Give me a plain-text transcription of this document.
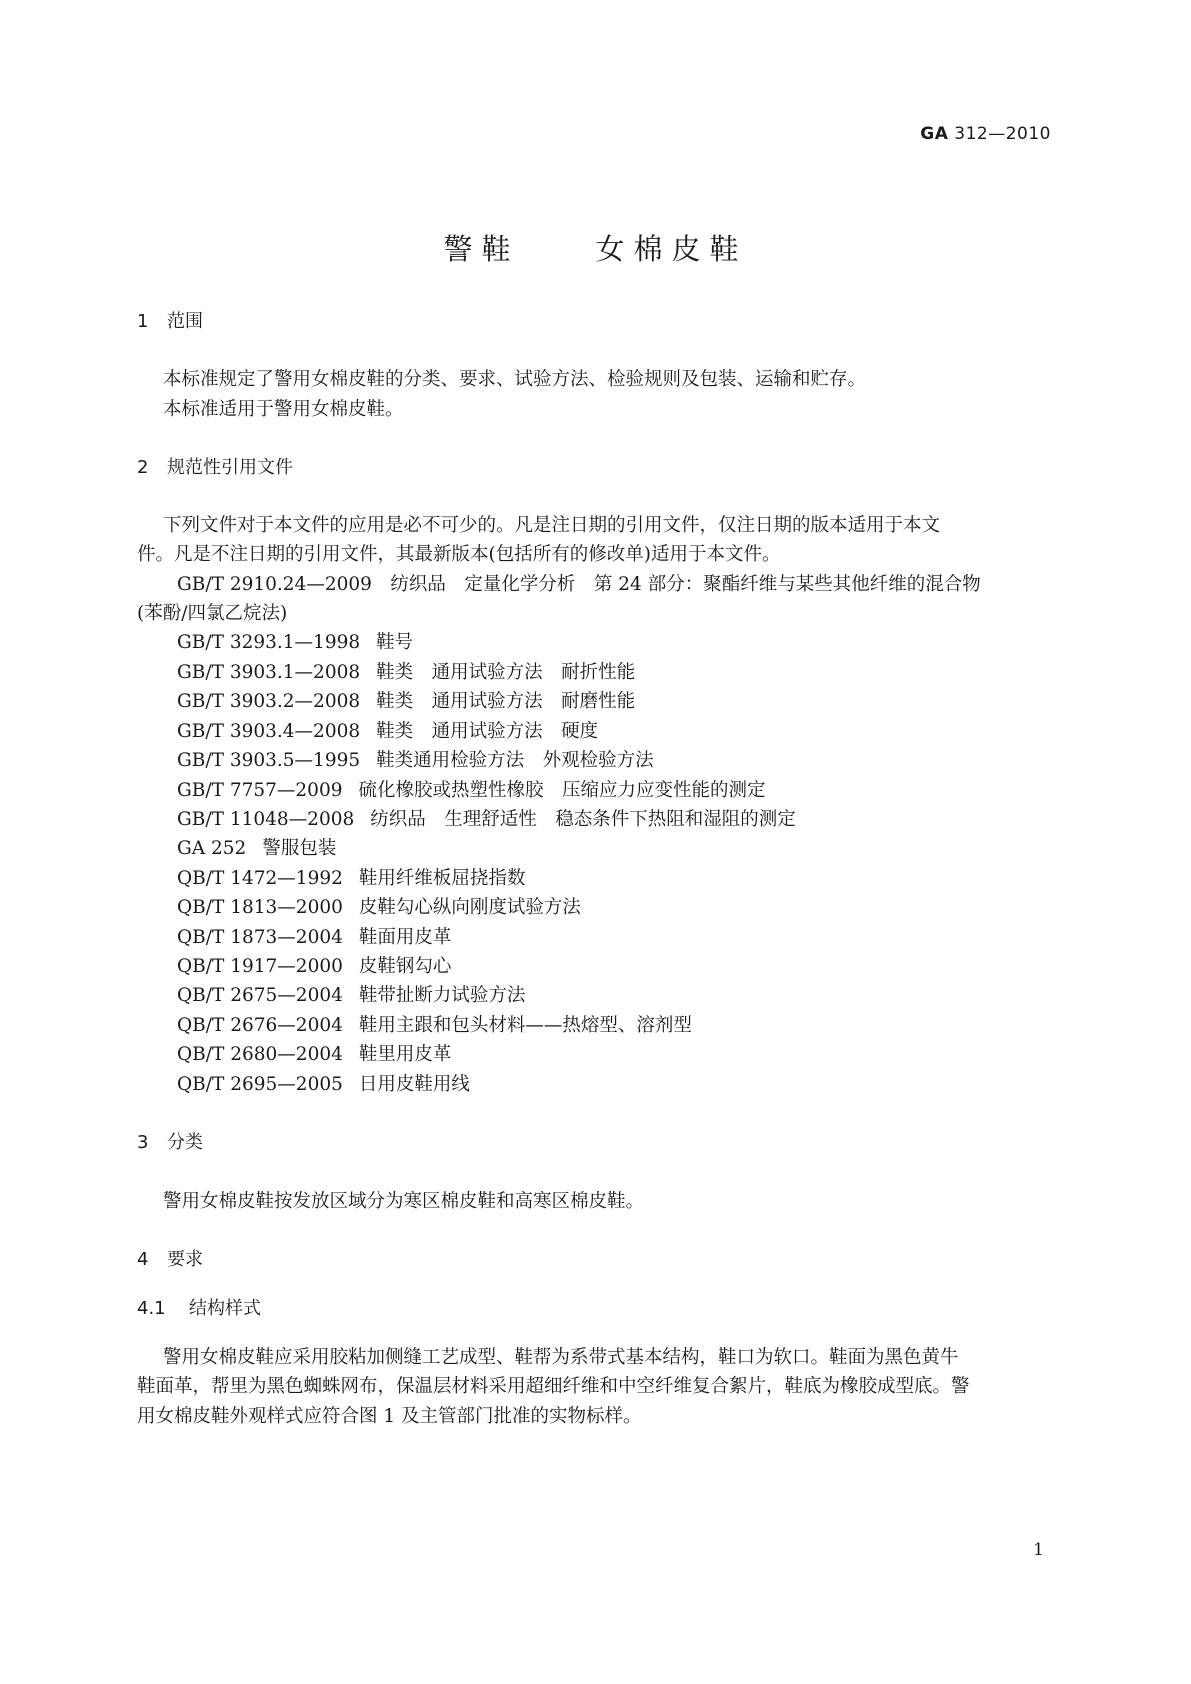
GA 312—2010
警鞋　　女棉皮鞋
1 范围
本标准规定了警用女棉皮鞋的分类、要求、试验方法、检验规则及包装、运输和贮存。
本标准适用于警用女棉皮鞋。
2 规范性引用文件
下列文件对于本文件的应用是必不可少的。凡是注日期的引用文件，仅注日期的版本适用于本文
件。凡是不注日期的引用文件，其最新版本(包括所有的修改单)适用于本文件。
GB/T 2910.24—2009　纺织品　定量化学分析　第 24 部分：聚酯纤维与某些其他纤维的混合物
(苯酚/四氯乙烷法)
GB/T 3293.1—1998 鞋号
GB/T 3903.1—2008 鞋类　通用试验方法　耐折性能
GB/T 3903.2—2008 鞋类　通用试验方法　耐磨性能
GB/T 3903.4—2008 鞋类　通用试验方法　硬度
GB/T 3903.5—1995 鞋类通用检验方法　外观检验方法
GB/T 7757—2009 硫化橡胶或热塑性橡胶　压缩应力应变性能的测定
GB/T 11048—2008 纺织品　生理舒适性　稳态条件下热阻和湿阻的测定
GA 252 警服包装
QB/T 1472—1992 鞋用纤维板屈挠指数
QB/T 1813—2000 皮鞋勾心纵向刚度试验方法
QB/T 1873—2004 鞋面用皮革
QB/T 1917—2000 皮鞋钢勾心
QB/T 2675—2004 鞋带扯断力试验方法
QB/T 2676—2004 鞋用主跟和包头材料——热熔型、溶剂型
QB/T 2680—2004 鞋里用皮革
QB/T 2695—2005 日用皮鞋用线
3 分类
警用女棉皮鞋按发放区域分为寒区棉皮鞋和高寒区棉皮鞋。
4 要求
4.1 结构样式
警用女棉皮鞋应采用胶粘加侧缝工艺成型、鞋帮为系带式基本结构，鞋口为软口。鞋面为黑色黄牛
鞋面革，帮里为黑色蜘蛛网布，保温层材料采用超细纤维和中空纤维复合絮片，鞋底为橡胶成型底。警
用女棉皮鞋外观样式应符合图 1 及主管部门批准的实物标样。
1
